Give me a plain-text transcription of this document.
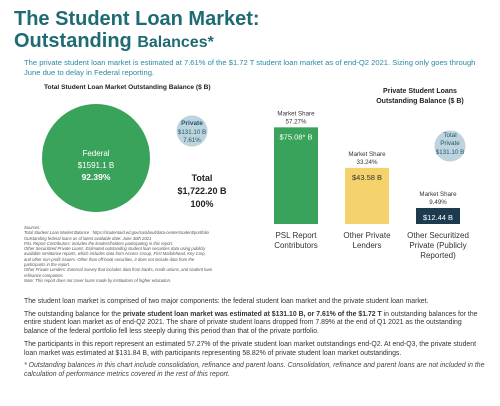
The Student Loan Market:
Outstanding Balances*
The private student loan market is estimated at 7.61% of the $1.72 T student loan market as of end-Q2 2021. Sizing only goes through June due to delay in Federal reporting.
Total Student Loan Market Outstanding Balance ($ B)
Private Student Loans
Outstanding Balance ($ B)
Federal
$1591.1 B
92.39%
Private
$131.10 B
7.61%
Total
$1,722.20 B
100%
$75.08* B
Market Share
57.27%
PSL Report
Contributors
$43.58 B
Market Share
33.24%
Other Private
Lenders
$12.44 B
Market Share
9.49%
Other Securitized
Private (Publicly
Reported)
Total
Private
$131.10 B
Sources:
Total Student Loan Market Balance : https://studentaid.ed.gov/sa/about/data-center/student/portfolio
Outstanding federal loans as of latest available date: June 30th 2021
PSL Report Contributors: includes the lenders/holders participating in this report.
Other Securitized Private Loans: Estimated outstanding student loan securities data using publicly
available remittance reports, which includes data from Access Group, First Marblehead, Key Corp,
and other non-profit issuers. Other than off-book securities, it does not include data from the
participants in the report.
Other Private Lenders: External Survey that includes data from banks, credit unions, and student loan
refinance companies.
Note: This report does not cover loans made by institutions of higher education.

The student loan market is comprised of two major components: the federal student loan market and the private student loan market.

The outstanding balance for the private student loan market was estimated at $131.10 B, or 7.61% of the $1.72 T in outstanding balances for the entire student loan market as of end-Q2 2021. The share of private student loans dropped from 7.89% at the end of Q1 2021 as the outstanding balance of the federal portfolio fell less steeply during this period than that of the private portfolio.

The participants in this report represent an estimated 57.27% of the private student loan market outstandings end-Q2. At end-Q3, the private student loan market was estimated at $131.84 B, with participants representing 58.82% of private student loan market outstandings.

* Outstanding balances in this chart include consolidation, refinance and parent loans. Consolidation, refinance and parent loans are not included in the calculation of performance metrics covered in the rest of this report.
